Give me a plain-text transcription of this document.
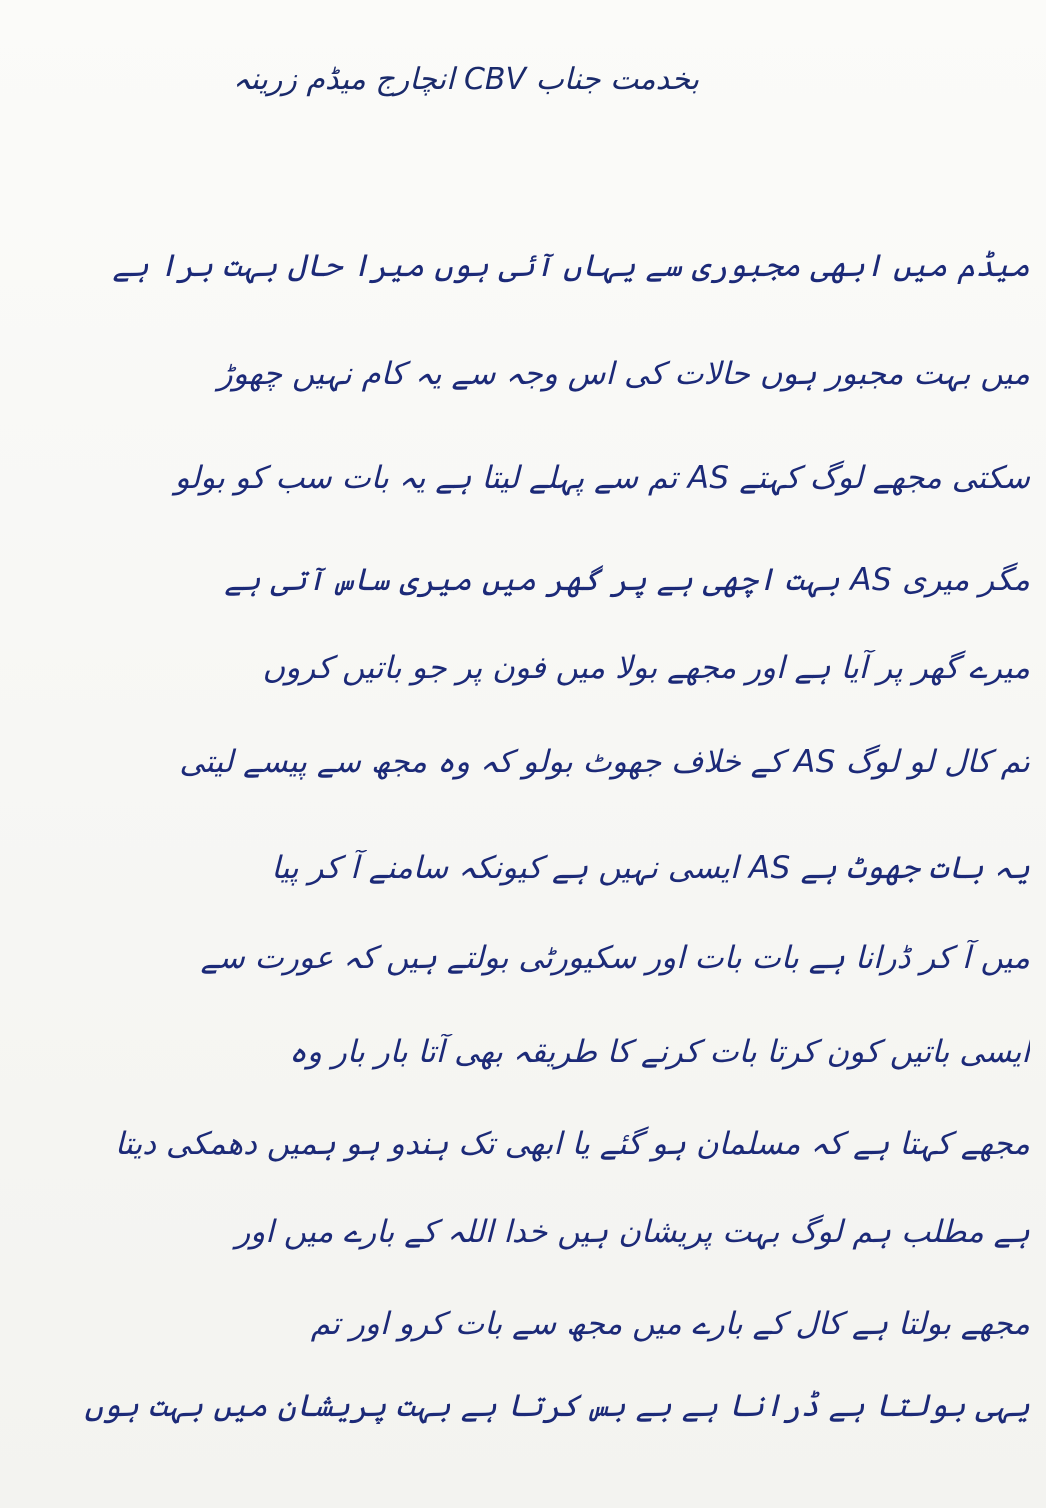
بخدمت جناب CBV انچارج میڈم زرینہ
میڈم میں ابھی مجبوری سے یہاں آئی ہوں میرا حال بہت برا ہے
میں بہت مجبور ہوں حالات کی اس وجہ سے یہ کام نہیں چھوڑ
سکتی مجھے لوگ کہتے AS تم سے پہلے لیتا ہے یہ بات سب کو بولو
مگر میری AS بہت اچھی ہے پر گھر میں میری ساس آتی ہے
میرے گھر پر آیا ہے اور مجھے بولا میں فون پر جو باتیں کروں
تم کال لو لوگ AS کے خلاف جھوٹ بولو کہ وہ مجھ سے پیسے لیتی
یہ بات جھوٹ ہے AS ایسی نہیں ہے کیونکہ سامنے آ کر پیا
میں آ کر ڈرانا ہے بات بات اور سکیورٹی بولتے ہیں کہ عورت سے
ایسی باتیں کون کرتا بات کرنے کا طریقہ بھی آتا بار بار وہ
مجھے کہتا ہے کہ مسلمان ہو گئے یا ابھی تک ہندو ہو ہمیں دھمکی دیتا
ہے مطلب ہم لوگ بہت پریشان ہیں خدا اللہ کے بارے میں اور
مجھے بولتا ہے کال کے بارے میں مجھ سے بات کرو اور تم
یہی بولتا ہے ڈرانا ہے بے بس کرتا ہے بہت پریشان میں بہت ہوں
